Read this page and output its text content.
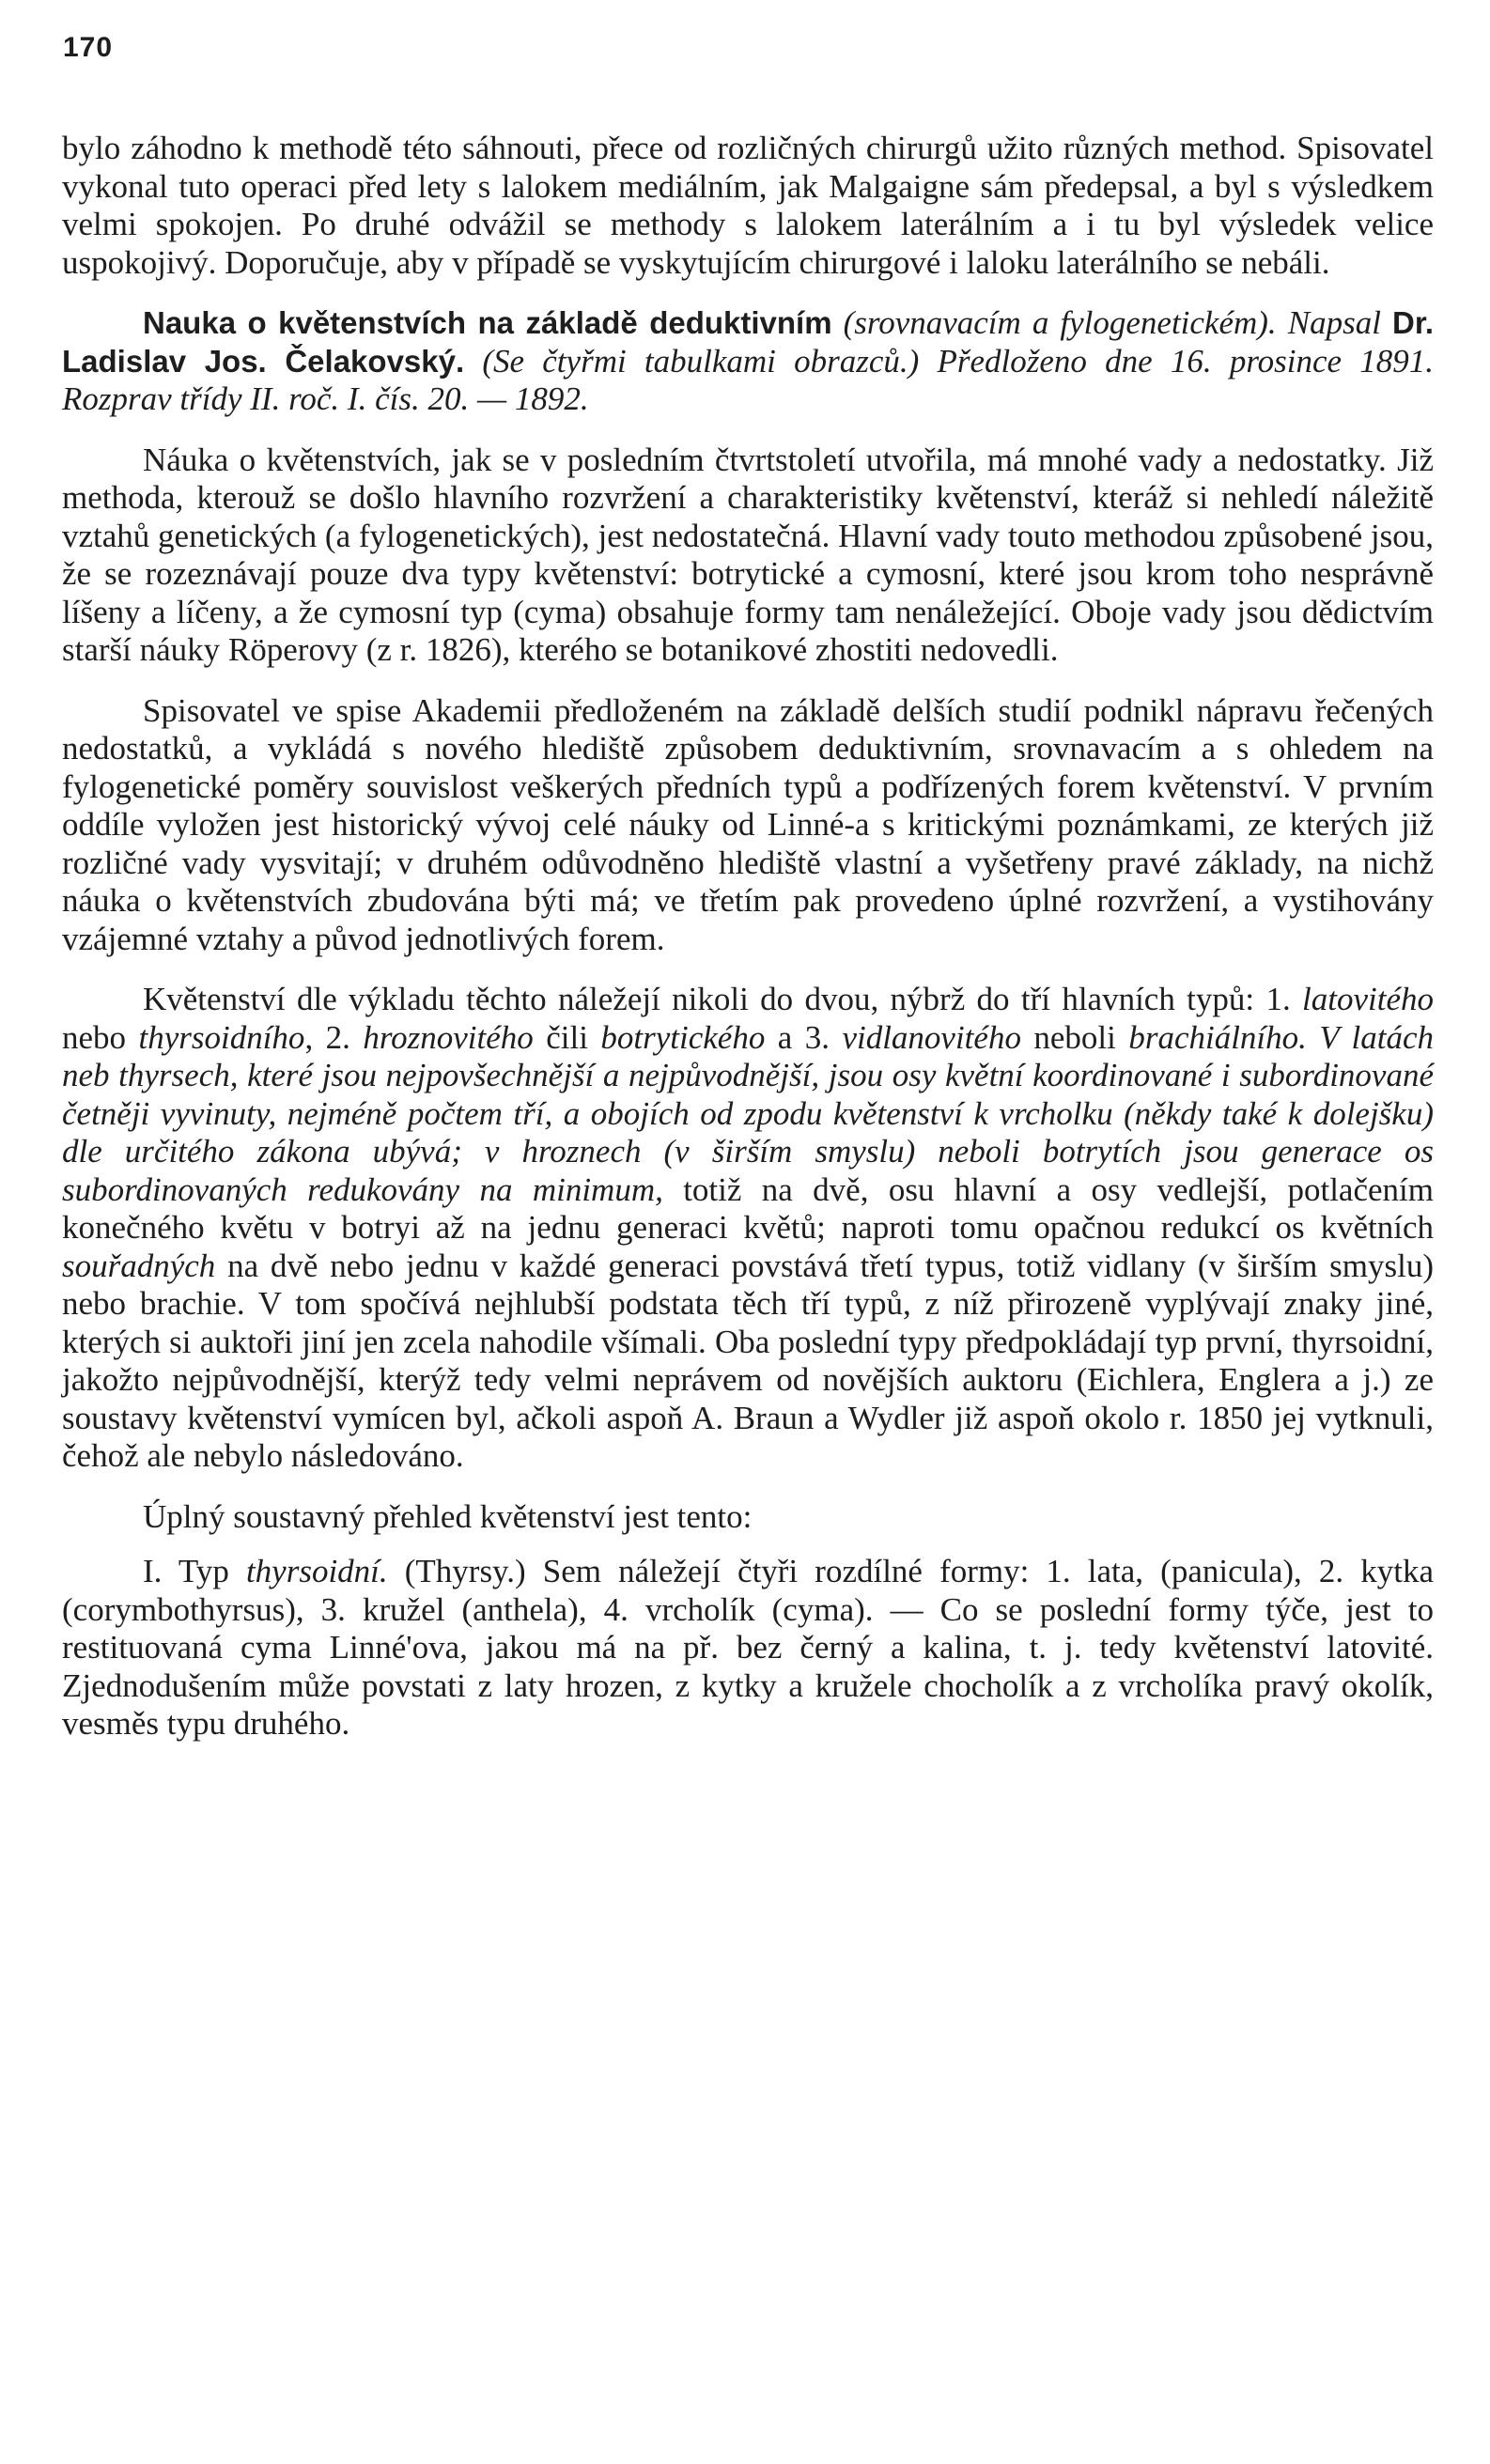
170

bylo záhodno k methodě této sáhnouti, přece od rozličných chirurgů užito různých method. Spisovatel vykonal tuto operaci před lety s lalokem mediálním, jak Malgaigne sám předepsal, a byl s výsledkem velmi spokojen. Po druhé odvážil se methody s lalokem laterálním a i tu byl výsledek velice uspokojivý. Doporučuje, aby v případě se vyskytujícím chirurgové i laloku laterálního se nebáli.

Nauka o květenstvích na základě deduktivním (srovnavacím a fylogenetickém). Napsal Dr. Ladislav Jos. Čelakovský. (Se čtyřmi tabulkami obrazců.) Předloženo dne 16. prosince 1891. Rozprav třídy II. roč. I. čís. 20. — 1892.

Náuka o květenstvích, jak se v posledním čtvrtstoletí utvořila, má mnohé vady a nedostatky. Již methoda, kterouž se došlo hlavního rozvržení a charakteristiky květenství, kteráž si nehledí náležitě vztahů genetických (a fylogenetických), jest nedostatečná. Hlavní vady touto methodou způsobené jsou, že se rozeznávají pouze dva typy květenství: botrytické a cymosní, které jsou krom toho nesprávně líšeny a líčeny, a že cymosní typ (cyma) obsahuje formy tam nenáležející. Oboje vady jsou dědictvím starší náuky Röperovy (z r. 1826), kterého se botanikové zhostiti nedovedli.

Spisovatel ve spise Akademii předloženém na základě delších studií podnikl nápravu řečených nedostatků, a vykládá s nového hlediště způsobem deduktivním, srovnavacím a s ohledem na fylogenetické poměry souvislost veškerých předních typů a podřízených forem květenství. V prvním oddíle vyložen jest historický vývoj celé náuky od Linné-a s kritickými poznámkami, ze kterých již rozličné vady vysvitají; v druhém odůvodněno hlediště vlastní a vyšetřeny pravé základy, na nichž náuka o květenstvích zbudována býti má; ve třetím pak provedeno úplné rozvržení, a vystihovány vzájemné vztahy a původ jednotlivých forem.

Květenství dle výkladu těchto náležejí nikoli do dvou, nýbrž do tří hlavních typů: 1. latovitého nebo thyrsoidního, 2. hroznovitého čili botrytického a 3. vidlanovitého neboli brachiálního. V latách neb thyrsech, které jsou nejpovšechnější a nejpůvodnější, jsou osy květní koordinované i subordinované četněji vyvinuty, nejméně počtem tří, a obojích od zpodu květenství k vrcholku (někdy také k dolejšku) dle určitého zákona ubývá; v hroznech (v širším smyslu) neboli botrytích jsou generace os subordinovaných redukovány na minimum, totiž na dvě, osu hlavní a osy vedlejší, potlačením konečného květu v botryi až na jednu generaci květů; naproti tomu opačnou redukcí os květních souřadných na dvě nebo jednu v každé generaci povstává třetí typus, totiž vidlany (v širším smyslu) nebo brachie. V tom spočívá nejhlubší podstata těch tří typů, z níž přirozeně vyplývají znaky jiné, kterých si auktoři jiní jen zcela nahodile všímali. Oba poslední typy předpokládají typ první, thyrsoidní, jakožto nejpůvodnější, kterýž tedy velmi neprávem od novějších auktoru (Eichlera, Englera a j.) ze soustavy květenství vymícen byl, ačkoli aspoň A. Braun a Wydler již aspoň okolo r. 1850 jej vytknuli, čehož ale nebylo následováno.

Úplný soustavný přehled květenství jest tento:

I. Typ thyrsoidní. (Thyrsy.) Sem náležejí čtyři rozdílné formy: 1. lata, (panicula), 2. kytka (corymbothyrsus), 3. kružel (anthela), 4. vrcholík (cyma). — Co se poslední formy týče, jest to restituovaná cyma Linné'ova, jakou má na př. bez černý a kalina, t. j. tedy květenství latovité. Zjednodušením může povstati z laty hrozen, z kytky a kružele chocholík a z vrcholíka pravý okolík, vesměs typu druhého.
